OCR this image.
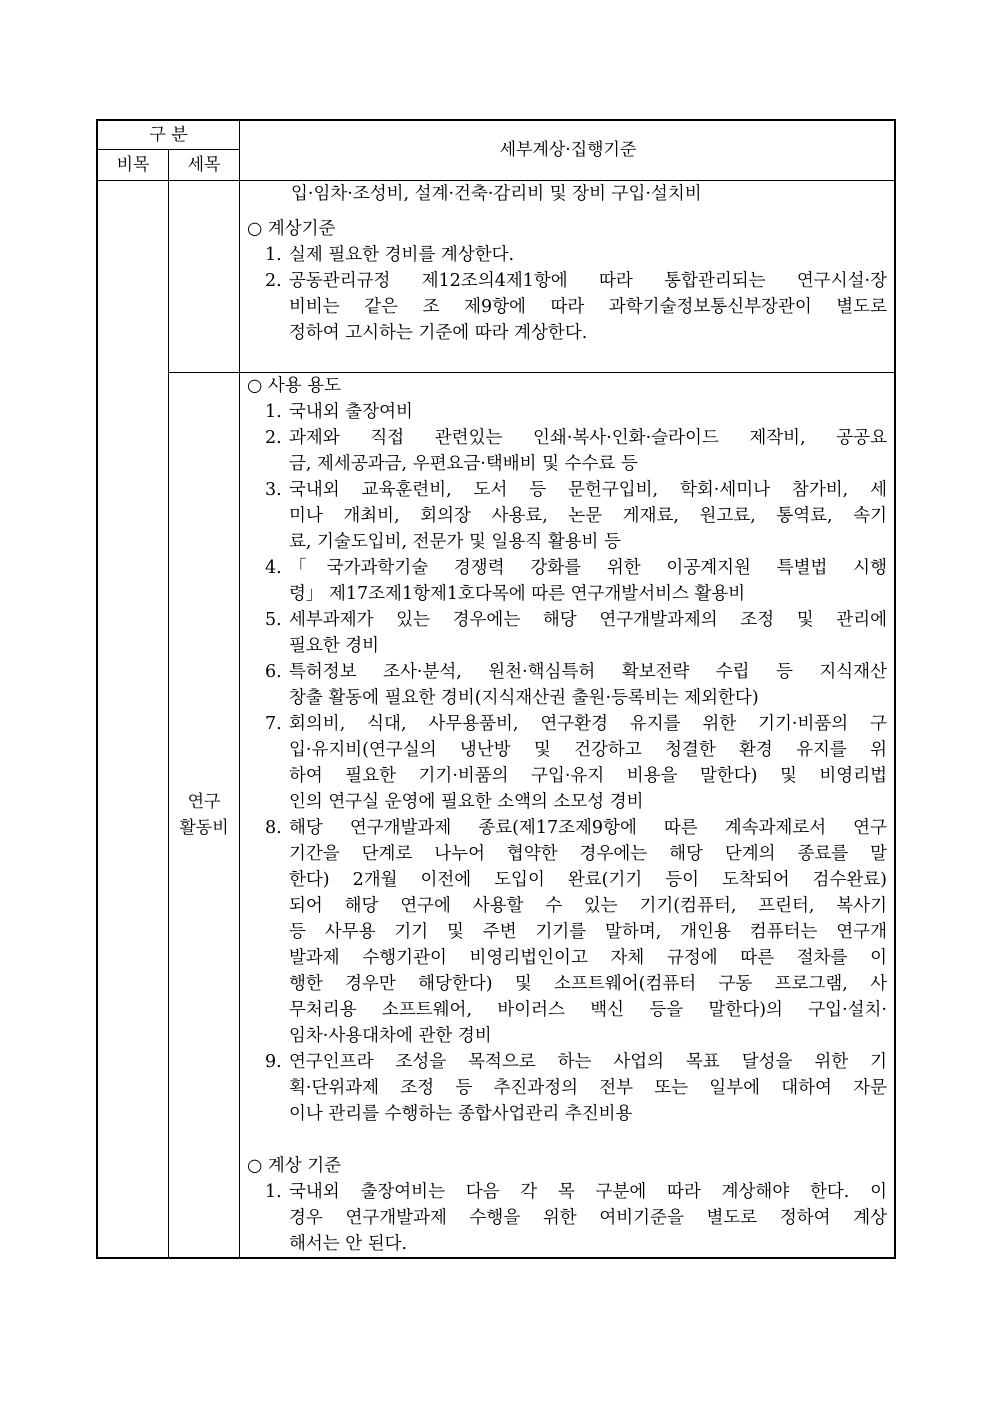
구 분
비목	세목
세부계상·집행기준
연구
활동비
입·임차·조성비, 설계·건축·감리비 및 장비 구입·설치비
○ 계상기준
1. 실제 필요한 경비를 계상한다.
2. 공동관리규정 제12조의4제1항에 따라 통합관리되는 연구시설·장
비비는 같은 조 제9항에 따라 과학기술정보통신부장관이 별도로
정하여 고시하는 기준에 따라 계상한다.
○ 사용 용도
1. 국내외 출장여비
2. 과제와 직접 관련있는 인쇄·복사·인화·슬라이드 제작비, 공공요
금, 제세공과금, 우편요금·택배비 및 수수료 등
3. 국내외 교육훈련비, 도서 등 문헌구입비, 학회·세미나 참가비, 세
미나 개최비, 회의장 사용료, 논문 게재료, 원고료, 통역료, 속기
료, 기술도입비, 전문가 및 일용직 활용비 등
4. 「국가과학기술 경쟁력 강화를 위한 이공계지원 특별법 시행
령」 제17조제1항제1호다목에 따른 연구개발서비스 활용비
5. 세부과제가 있는 경우에는 해당 연구개발과제의 조정 및 관리에
필요한 경비
6. 특허정보 조사·분석, 원천·핵심특허 확보전략 수립 등 지식재산
창출 활동에 필요한 경비(지식재산권 출원·등록비는 제외한다)
7. 회의비, 식대, 사무용품비, 연구환경 유지를 위한 기기·비품의 구
입·유지비(연구실의 냉난방 및 건강하고 청결한 환경 유지를 위
하여 필요한 기기·비품의 구입·유지 비용을 말한다) 및 비영리법
인의 연구실 운영에 필요한 소액의 소모성 경비
8. 해당 연구개발과제 종료(제17조제9항에 따른 계속과제로서 연구
기간을 단계로 나누어 협약한 경우에는 해당 단계의 종료를 말
한다) 2개월 이전에 도입이 완료(기기 등이 도착되어 검수완료)
되어 해당 연구에 사용할 수 있는 기기(컴퓨터, 프린터, 복사기
등 사무용 기기 및 주변 기기를 말하며, 개인용 컴퓨터는 연구개
발과제 수행기관이 비영리법인이고 자체 규정에 따른 절차를 이
행한 경우만 해당한다) 및 소프트웨어(컴퓨터 구동 프로그램, 사
무처리용 소프트웨어, 바이러스 백신 등을 말한다)의 구입·설치·
임차·사용대차에 관한 경비
9. 연구인프라 조성을 목적으로 하는 사업의 목표 달성을 위한 기
획·단위과제 조정 등 추진과정의 전부 또는 일부에 대하여 자문
이나 관리를 수행하는 종합사업관리 추진비용
○ 계상 기준
1. 국내외 출장여비는 다음 각 목 구분에 따라 계상해야 한다. 이
경우 연구개발과제 수행을 위한 여비기준을 별도로 정하여 계상
해서는 안 된다.
